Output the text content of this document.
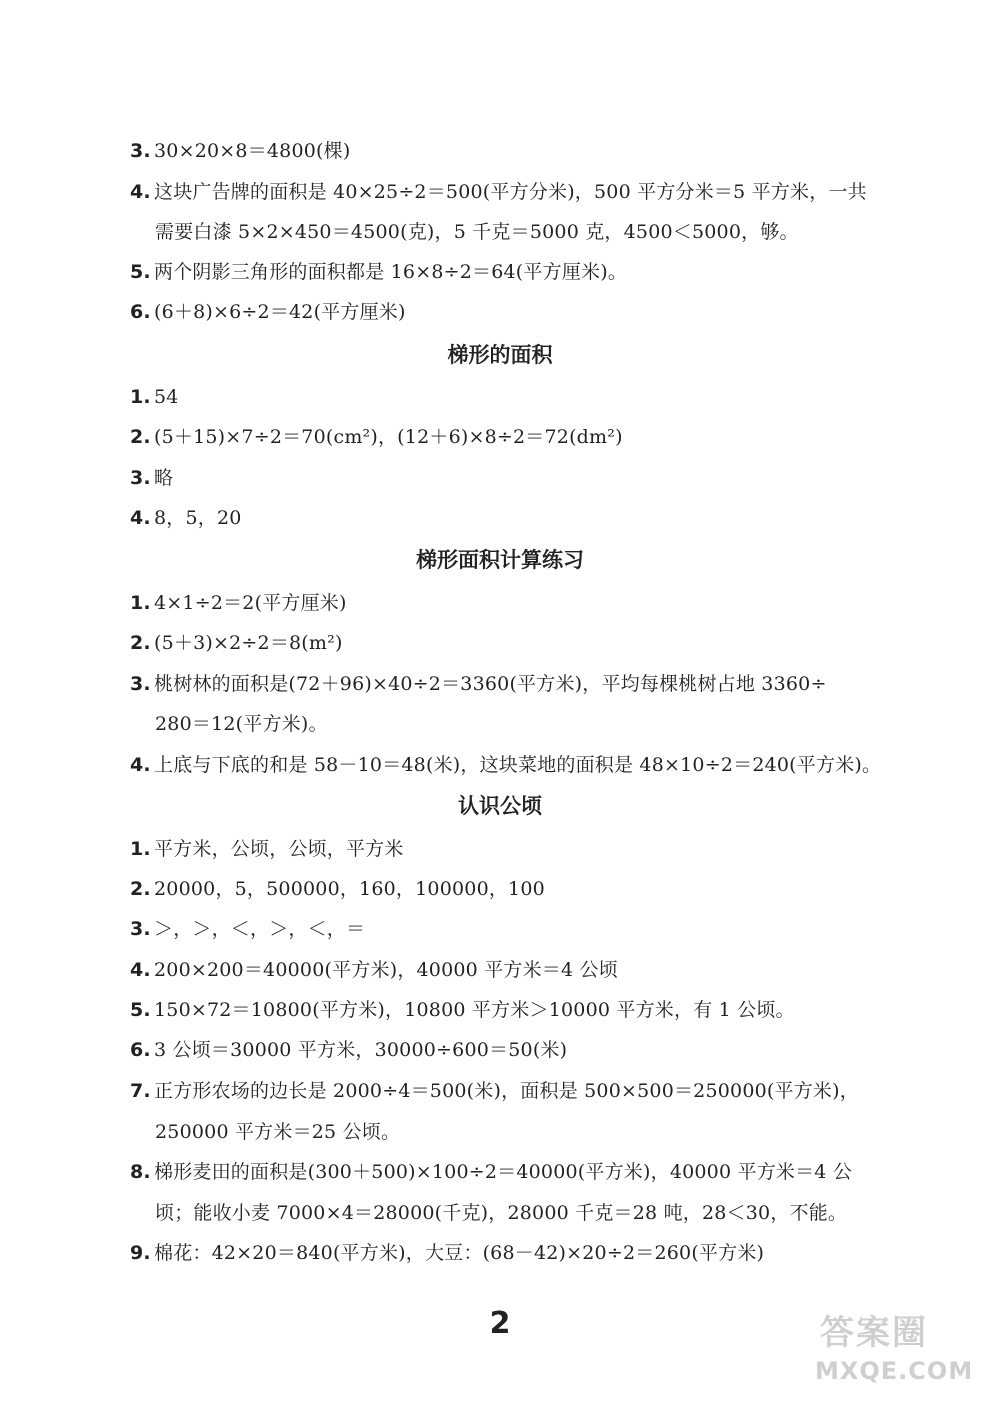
3. 30×20×8＝4800(棵)
4. 这块广告牌的面积是 40×25÷2＝500(平方分米)，500 平方分米＝5 平方米，一共
需要白漆 5×2×450＝4500(克)，5 千克＝5000 克，4500＜5000，够。
5. 两个阴影三角形的面积都是 16×8÷2＝64(平方厘米)。
6. (6＋8)×6÷2＝42(平方厘米)
梯形的面积
1. 54
2. (5＋15)×7÷2＝70(cm²)，(12＋6)×8÷2＝72(dm²)
3. 略
4. 8，5，20
梯形面积计算练习
1. 4×1÷2＝2(平方厘米)
2. (5＋3)×2÷2＝8(m²)
3. 桃树林的面积是(72＋96)×40÷2＝3360(平方米)，平均每棵桃树占地 3360÷
280＝12(平方米)。
4. 上底与下底的和是 58－10＝48(米)，这块菜地的面积是 48×10÷2＝240(平方米)。
认识公顷
1. 平方米，公顷，公顷，平方米
2. 20000，5，500000，160，100000，100
3. ＞，＞，＜，＞，＜，＝
4. 200×200＝40000(平方米)，40000 平方米＝4 公顷
5. 150×72＝10800(平方米)，10800 平方米＞10000 平方米，有 1 公顷。
6. 3 公顷＝30000 平方米，30000÷600＝50(米)
7. 正方形农场的边长是 2000÷4＝500(米)，面积是 500×500＝250000(平方米)，
250000 平方米＝25 公顷。
8. 梯形麦田的面积是(300＋500)×100÷2＝40000(平方米)，40000 平方米＝4 公
顷；能收小麦 7000×4＝28000(千克)，28000 千克＝28 吨，28＜30，不能。
9. 棉花：42×20＝840(平方米)，大豆：(68－42)×20÷2＝260(平方米)
2	答案圈
MXQE.COM
